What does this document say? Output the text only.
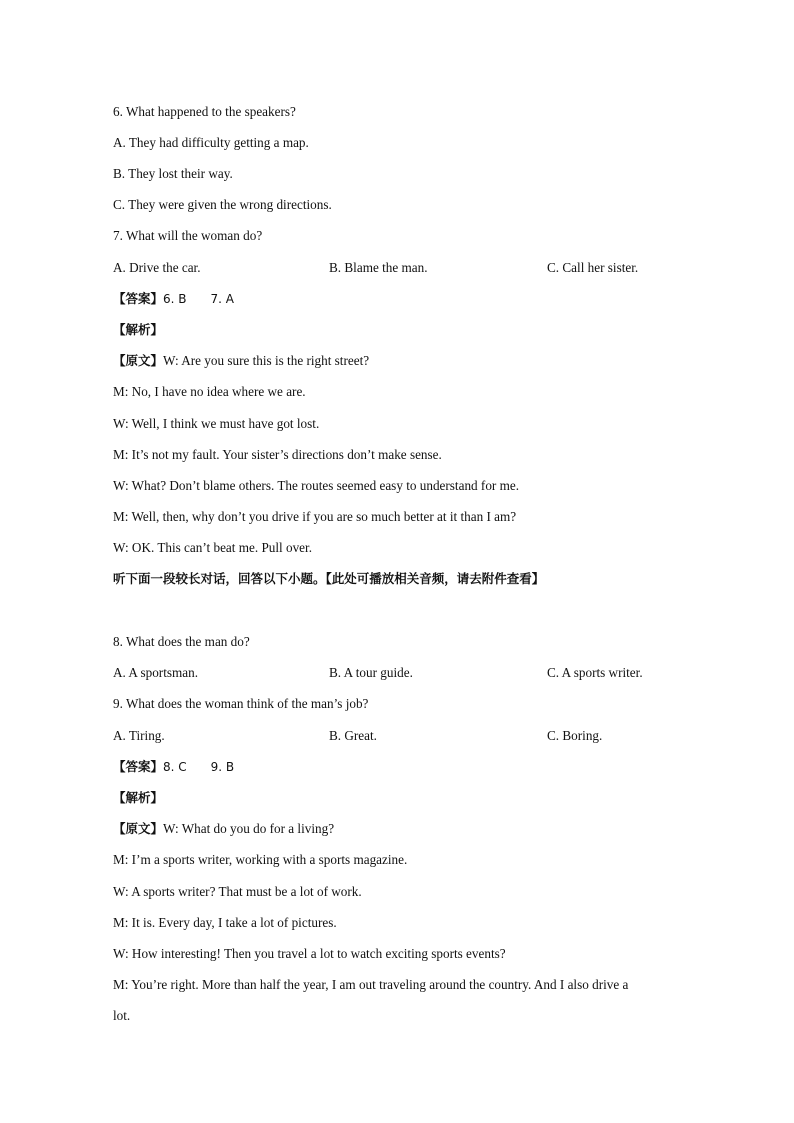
6. What happened to the speakers?
A. They had difficulty getting a map.
B. They lost their way.
C. They were given the wrong directions.
7. What will the woman do?
A. Drive the car.	B. Blame the man.	C. Call her sister.
【答案】6. B 7. A
【解析】
【原文】W: Are you sure this is the right street?
M: No, I have no idea where we are.
W: Well, I think we must have got lost.
M: It’s not my fault. Your sister’s directions don’t make sense.
W: What? Don’t blame others. The routes seemed easy to understand for me.
M: Well, then, why don’t you drive if you are so much better at it than I am?
W: OK. This can’t beat me. Pull over.
听下面一段较长对话，回答以下小题。【此处可播放相关音频，请去附件查看】
8. What does the man do?
A. A sportsman.	B. A tour guide.	C. A sports writer.
9. What does the woman think of the man’s job?
A. Tiring.	B. Great.	C. Boring.
【答案】8. C 9. B
【解析】
【原文】W: What do you do for a living?
M: I’m a sports writer, working with a sports magazine.
W: A sports writer? That must be a lot of work.
M: It is. Every day, I take a lot of pictures.
W: How interesting! Then you travel a lot to watch exciting sports events?
M: You’re right. More than half the year, I am out traveling around the country. And I also drive a
lot.
